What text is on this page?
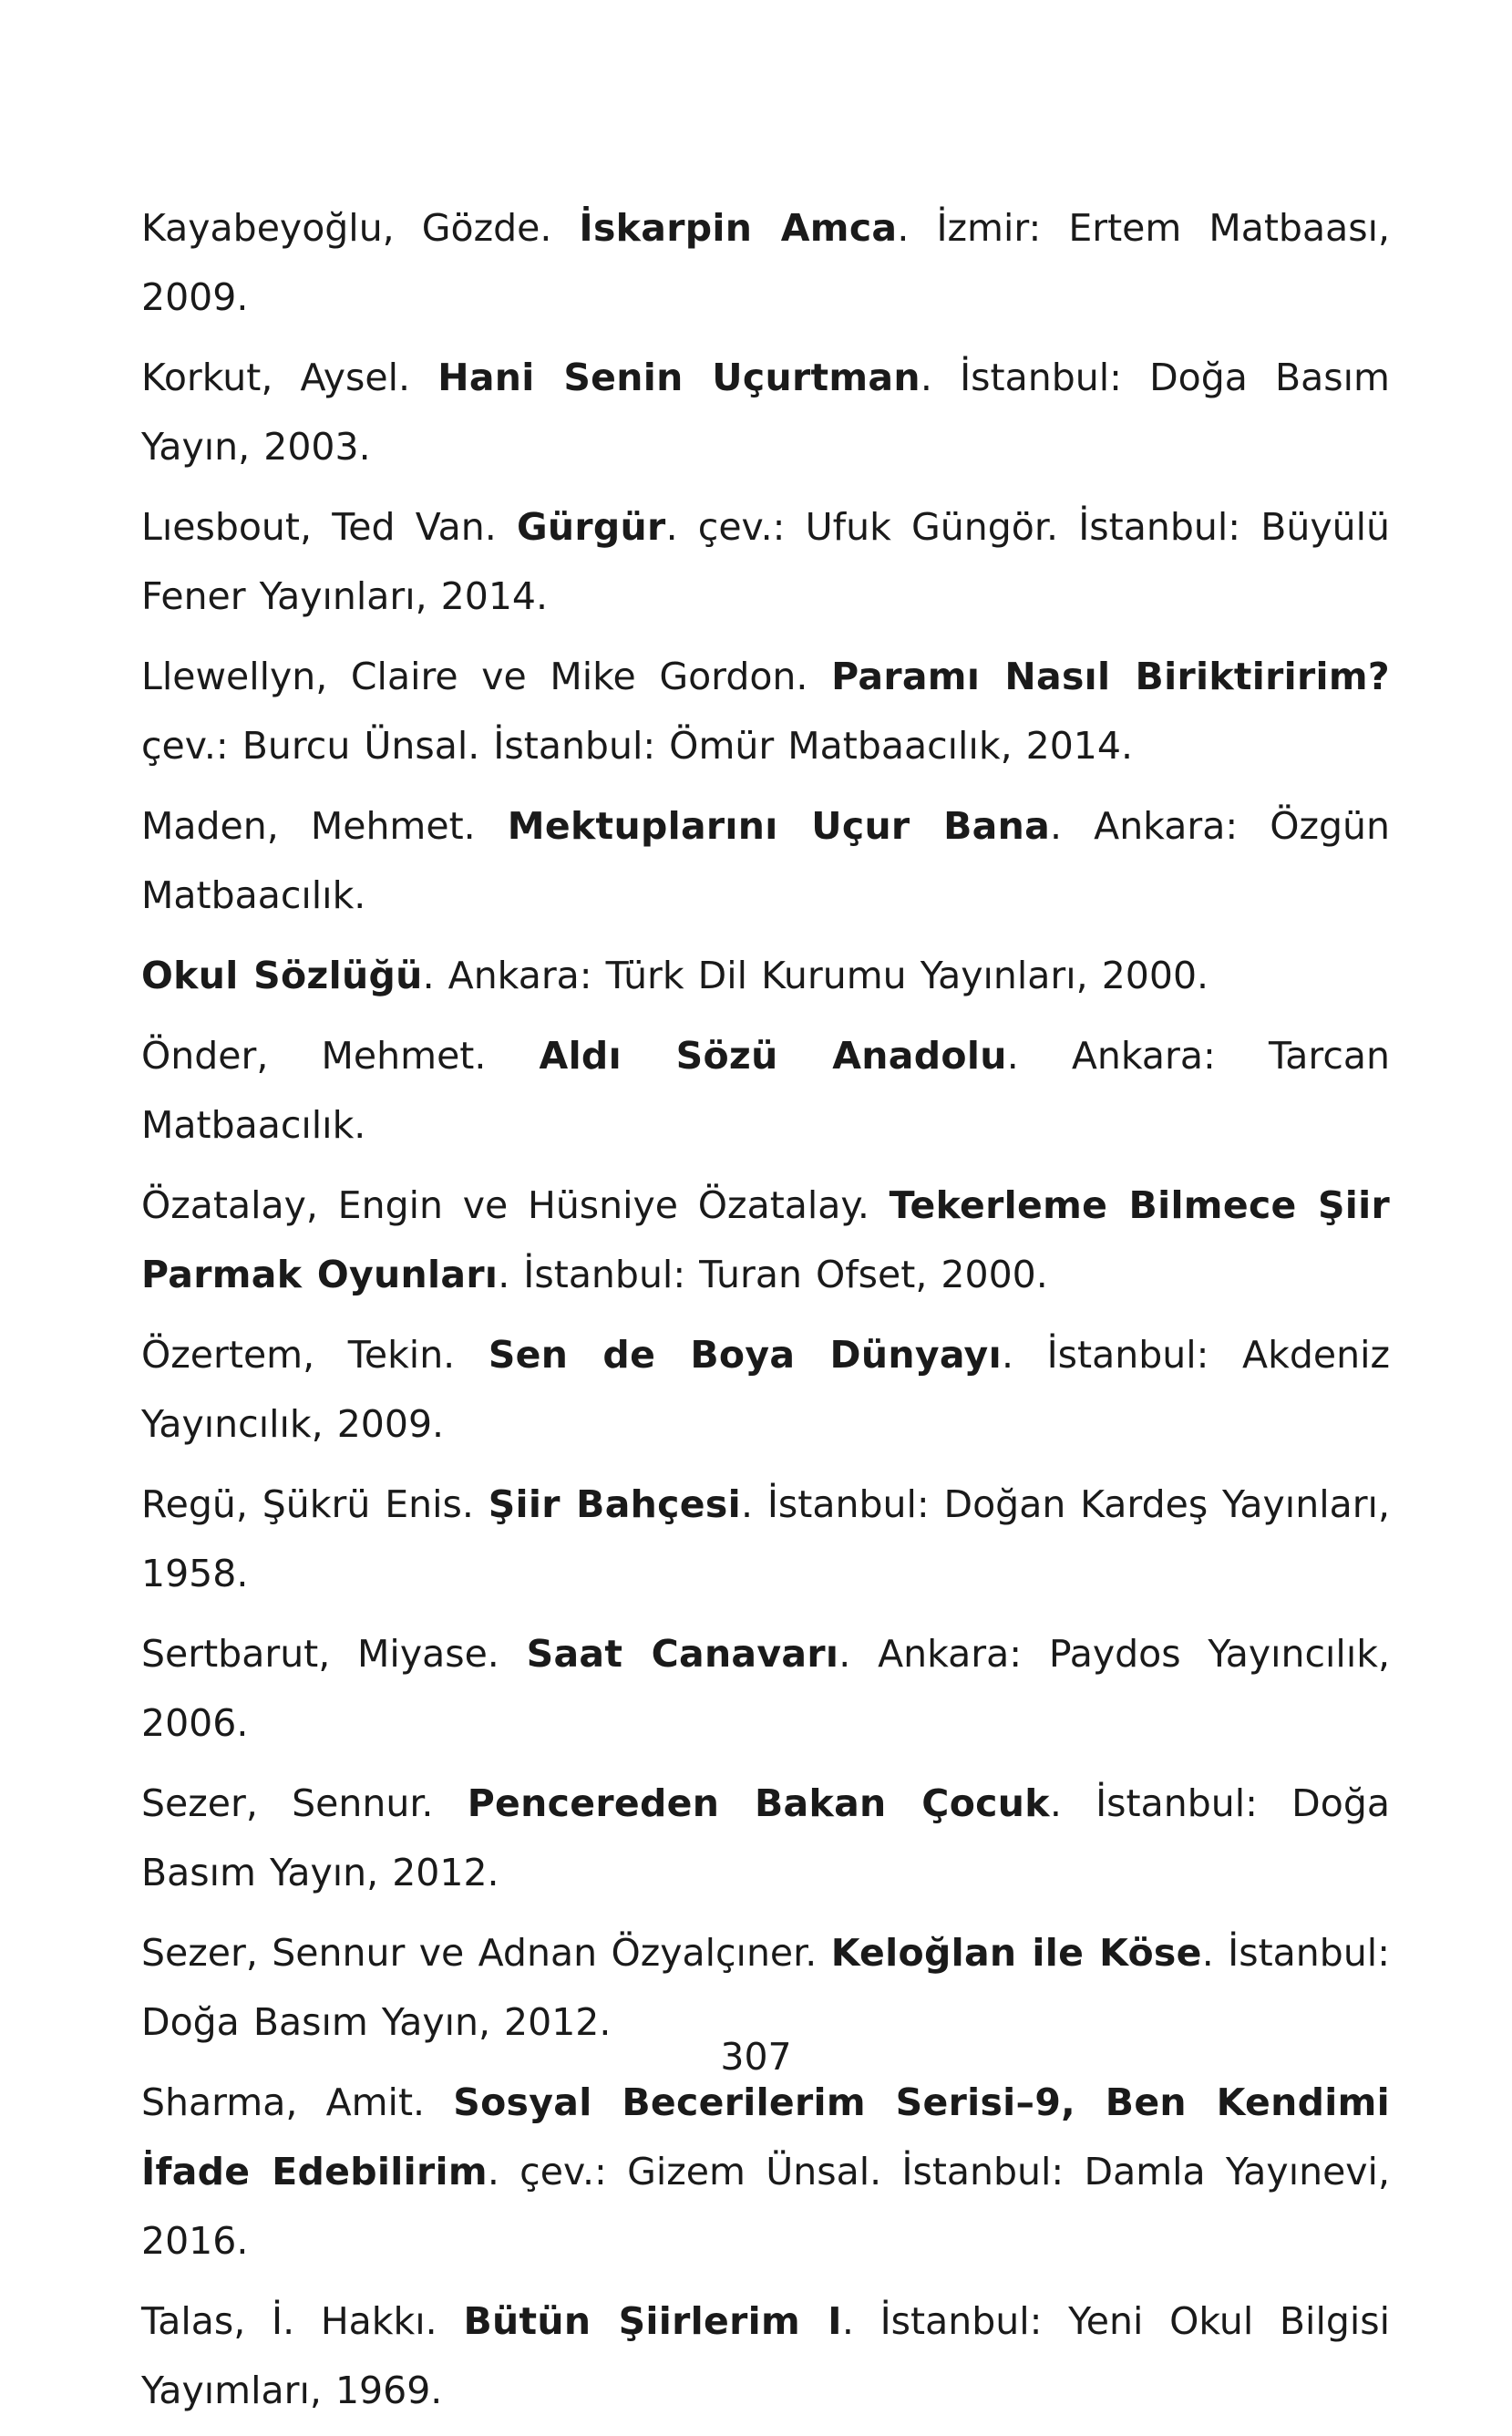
Kayabeyoğlu, Gözde. İskarpin Amca. İzmir: Ertem Matbaası, 2009.

Korkut, Aysel. Hani Senin Uçurtman. İstanbul: Doğa Basım Yayın, 2003.

Lıesbout, Ted Van. Gürgür. çev.: Ufuk Güngör. İstanbul: Büyülü Fener Yayınları, 2014.

Llewellyn, Claire ve Mike Gordon. Paramı Nasıl Biriktiririm? çev.: Burcu Ünsal. İstanbul: Ömür Matbaacılık, 2014.

Maden, Mehmet. Mektuplarını Uçur Bana. Ankara: Özgün Matbaacılık.

Okul Sözlüğü. Ankara: Türk Dil Kurumu Yayınları, 2000.

Önder, Mehmet. Aldı Sözü Anadolu. Ankara: Tarcan Matbaacılık.

Özatalay, Engin ve Hüsniye Özatalay. Tekerleme Bilmece Şiir Parmak Oyunları. İstanbul: Turan Ofset, 2000.

Özertem, Tekin. Sen de Boya Dünyayı. İstanbul: Akdeniz Yayıncılık, 2009.

Regü, Şükrü Enis. Şiir Bahçesi. İstanbul: Doğan Kardeş Yayınları, 1958.

Sertbarut, Miyase. Saat Canavarı. Ankara: Paydos Yayıncılık, 2006.

Sezer, Sennur. Pencereden Bakan Çocuk. İstanbul: Doğa Basım Yayın, 2012.

Sezer, Sennur ve Adnan Özyalçıner. Keloğlan ile Köse. İstanbul: Doğa Basım Yayın, 2012.

Sharma, Amit. Sosyal Becerilerim Serisi–9, Ben Kendimi İfade Edebilirim. çev.: Gizem Ünsal. İstanbul: Damla Yayınevi, 2016.

Talas, İ. Hakkı. Bütün Şiirlerim I. İstanbul: Yeni Okul Bilgisi Yayımları, 1969.

307
